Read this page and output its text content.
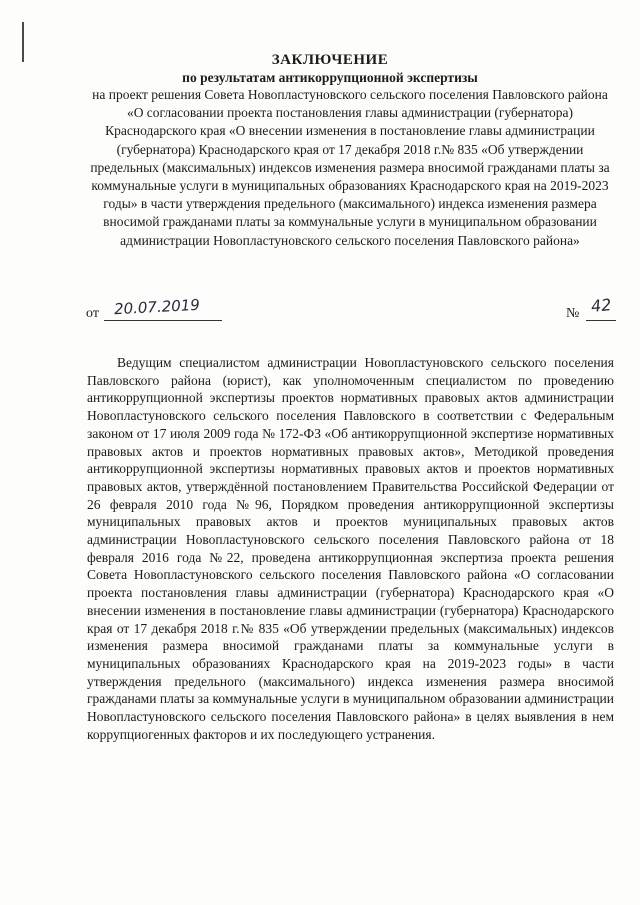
ЗАКЛЮЧЕНИЕ
по результатам антикоррупционной экспертизы
на проект решения Совета Новопластуновского сельского поселения Павловского района «О согласовании проекта постановления главы администрации (губернатора) Краснодарского края «О внесении изменения в постановление главы администрации (губернатора) Краснодарского края от 17 декабря 2018 г.№ 835 «Об утверждении предельных (максимальных) индексов изменения размера вносимой гражданами платы за коммунальные услуги в муниципальных образованиях Краснодарского края на 2019-2023 годы» в части утверждения предельного (максимального) индекса изменения размера вносимой гражданами платы за коммунальные услуги в муниципальном образовании администрации Новопластуновского сельского поселения Павловского района»
от 20.07.2019	№ 42
Ведущим специалистом администрации Новопластуновского сельского поселения Павловского района (юрист), как уполномоченным специалистом по проведению антикоррупционной экспертизы проектов нормативных правовых актов администрации Новопластуновского сельского поселения Павловского в соответствии с Федеральным законом от 17 июля 2009 года № 172-ФЗ «Об антикоррупционной экспертизе нормативных правовых актов и проектов нормативных правовых актов», Методикой проведения антикоррупционной экспертизы нормативных правовых актов и проектов нормативных правовых актов, утверждённой постановлением Правительства Российской Федерации от 26 февраля 2010 года №96, Порядком проведения антикоррупционной экспертизы муниципальных правовых актов и проектов муниципальных правовых актов администрации Новопластуновского сельского поселения Павловского района от 18 февраля 2016 года №22, проведена антикоррупционная экспертиза проекта решения Совета Новопластуновского сельского поселения Павловского района «О согласовании проекта постановления главы администрации (губернатора) Краснодарского края «О внесении изменения в постановление главы администрации (губернатора) Краснодарского края от 17 декабря 2018 г.№ 835 «Об утверждении предельных (максимальных) индексов изменения размера вносимой гражданами платы за коммунальные услуги в муниципальных образованиях Краснодарского края на 2019-2023 годы» в части утверждения предельного (максимального) индекса изменения размера вносимой гражданами платы за коммунальные услуги в муниципальном образовании администрации Новопластуновского сельского поселения Павловского района» в целях выявления в нем коррупциогенных факторов и их последующего устранения.
